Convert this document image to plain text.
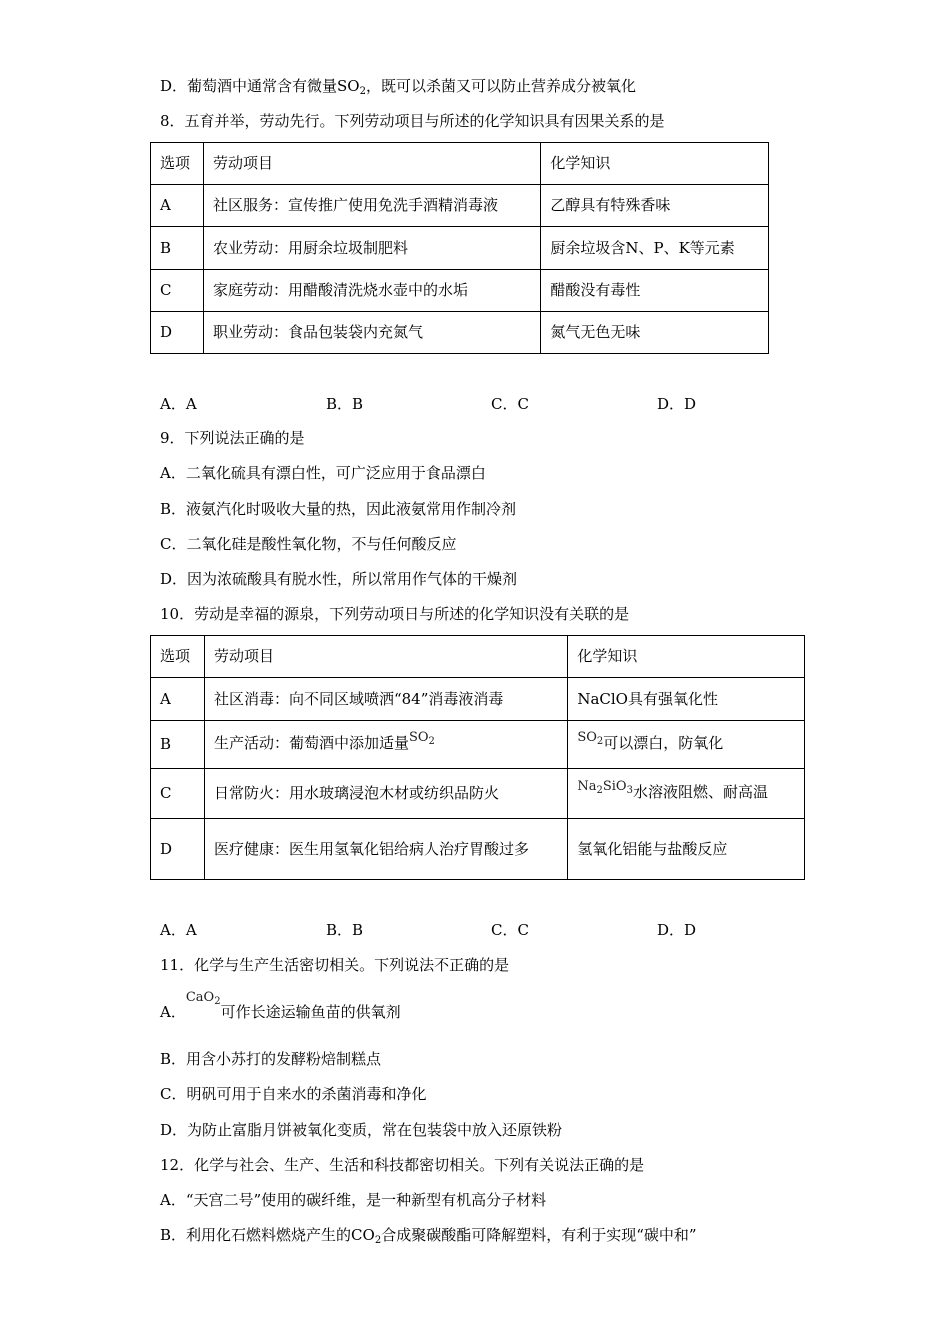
D．葡萄酒中通常含有微量$SO_2$，既可以杀菌又可以防止营养成分被氧化
8．五育并举，劳动先行。下列劳动项目与所述的化学知识具有因果关系的是
选项	劳动项目	化学知识
A	社区服务：宣传推广使用免洗手酒精消毒液	乙醇具有特殊香味
B	农业劳动：用厨余垃圾制肥料	厨余垃圾含N、P、K等元素
C	家庭劳动：用醋酸清洗烧水壶中的水垢	醋酸没有毒性
D	职业劳动：食品包装袋内充氮气	氮气无色无味
A．A	B．B	C．C	D．D
9．下列说法正确的是
A．二氧化硫具有漂白性，可广泛应用于食品漂白
B．液氨汽化时吸收大量的热，因此液氨常用作制冷剂
C．二氧化硅是酸性氧化物，不与任何酸反应
D．因为浓硫酸具有脱水性，所以常用作气体的干燥剂
10．劳动是幸福的源泉，下列劳动项日与所述的化学知识没有关联的是
选项	劳动项目	化学知识
A	社区消毒：向不同区域喷洒“84”消毒液消毒	NaClO具有强氧化性
B	生产活动：葡萄酒中添加适量$SO_2$	$SO_2$可以漂白，防氧化
C	日常防火：用水玻璃浸泡木材或纺织品防火	$Na_2SiO_3$水溶液阻燃、耐高温
D	医疗健康：医生用氢氧化铝给病人治疗胃酸过多	氢氧化铝能与盐酸反应
A．A	B．B	C．C	D．D
11．化学与生产生活密切相关。下列说法不正确的是
A．CaO$_2$可作长途运输鱼苗的供氧剂
B．用含小苏打的发酵粉焙制糕点
C．明矾可用于自来水的杀菌消毒和净化
D．为防止富脂月饼被氧化变质，常在包装袋中放入还原铁粉
12．化学与社会、生产、生活和科技都密切相关。下列有关说法正确的是
A．“天宫二号”使用的碳纤维，是一种新型有机高分子材料
B．利用化石燃料燃烧产生的$CO_2$合成聚碳酸酯可降解塑料，有利于实现“碳中和”
